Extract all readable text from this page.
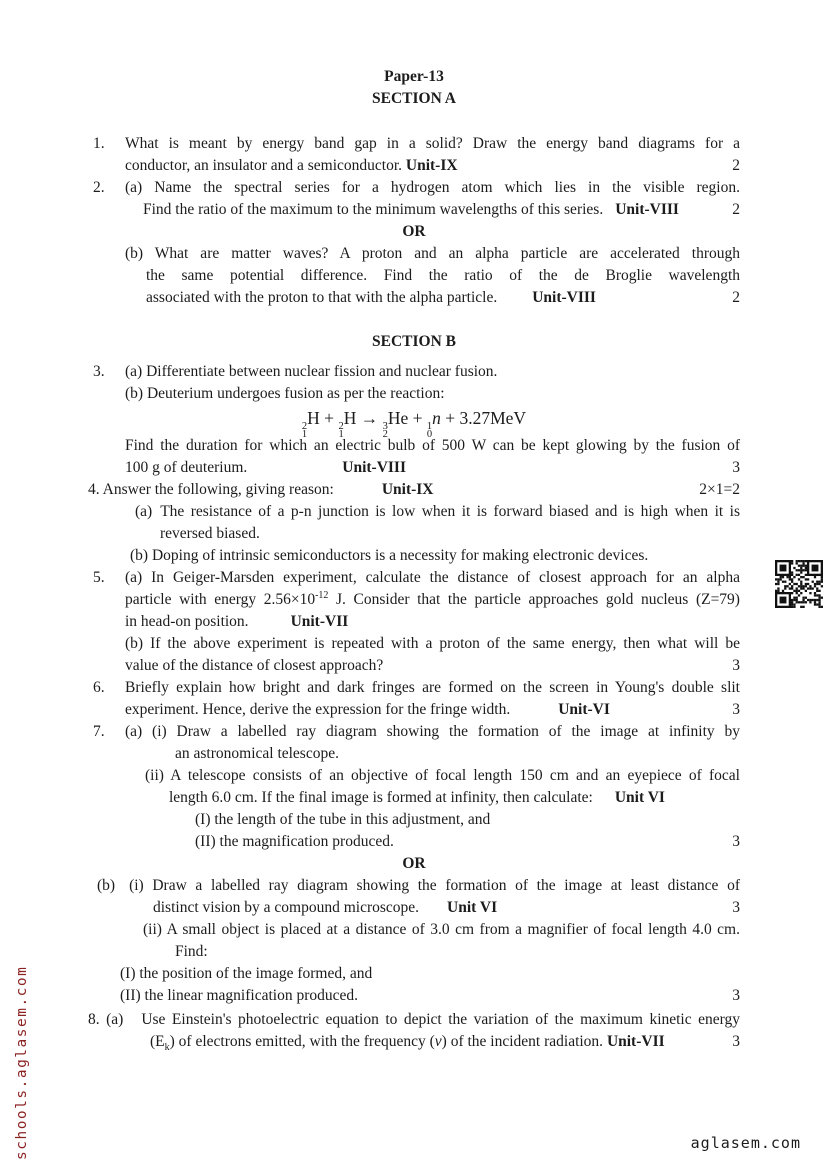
Paper-13
SECTION A
1. What is meant by energy band gap in a solid? Draw the energy band diagrams for a
2
conductor, an insulator and a semiconductor. Unit-IX
2. (a) Name the spectral series for a hydrogen atom which lies in the visible region.
2
Find the ratio of the maximum to the minimum wavelengths of this series. Unit-VIII
OR
(b) What are matter waves? A proton and an alpha particle are accelerated through
the same potential difference. Find the ratio of the de Broglie wavelength
2
associated with the proton to that with the alpha particle. Unit-VIII
SECTION B
3. (a) Differentiate between nuclear fission and nuclear fusion.
(b) Deuterium undergoes fusion as per the reaction:
2
1
H + 2
1
H → 3
2
He + 1
0
n + 3.27MeV
Find the duration for which an electric bulb of 500 W can be kept glowing by the fusion of
3
100 g of deuterium.	Unit-VIII
2×1=2
4. Answer the following, giving reason:	Unit-IX
(a) The resistance of a p-n junction is low when it is forward biased and is high when it is
reversed biased.
(b) Doping of intrinsic semiconductors is a necessity for making electronic devices.
5. (a) In Geiger-Marsden experiment, calculate the distance of closest approach for an alpha
particle with energy $2.56\times 10^{-12}$ J. Consider that the particle approaches gold nucleus (Z=79)
in head-on position.	Unit-VII
(b) If the above experiment is repeated with a proton of the same energy, then what will be
3
value of the distance of closest approach?
6. Briefly explain how bright and dark fringes are formed on the screen in Young's double slit
3
experiment. Hence, derive the expression for the fringe width.	Unit-VI
7. (a) (i) Draw a labelled ray diagram showing the formation of the image at infinity by
an astronomical telescope.
(ii) A telescope consists of an objective of focal length 150 cm and an eyepiece of focal
length 6.0 cm. If the final image is formed at infinity, then calculate: Unit VI
(I) the length of the tube in this adjustment, and
3
(II) the magnification produced.
OR
(b) (i) Draw a labelled ray diagram showing the formation of the image at least distance of
3
distinct vision by a compound microscope. Unit VI
(ii) A small object is placed at a distance of 3.0 cm from a magnifier of focal length 4.0 cm.
Find:
(I) the position of the image formed, and
3
(II) the linear magnification produced.
8. (a) Use Einstein's photoelectric equation to depict the variation of the maximum kinetic energy
3
$(E_k)$ of electrons emitted, with the frequency (v) of the incident radiation. Unit-VII
schools.aglasem.com	aglasem.com
